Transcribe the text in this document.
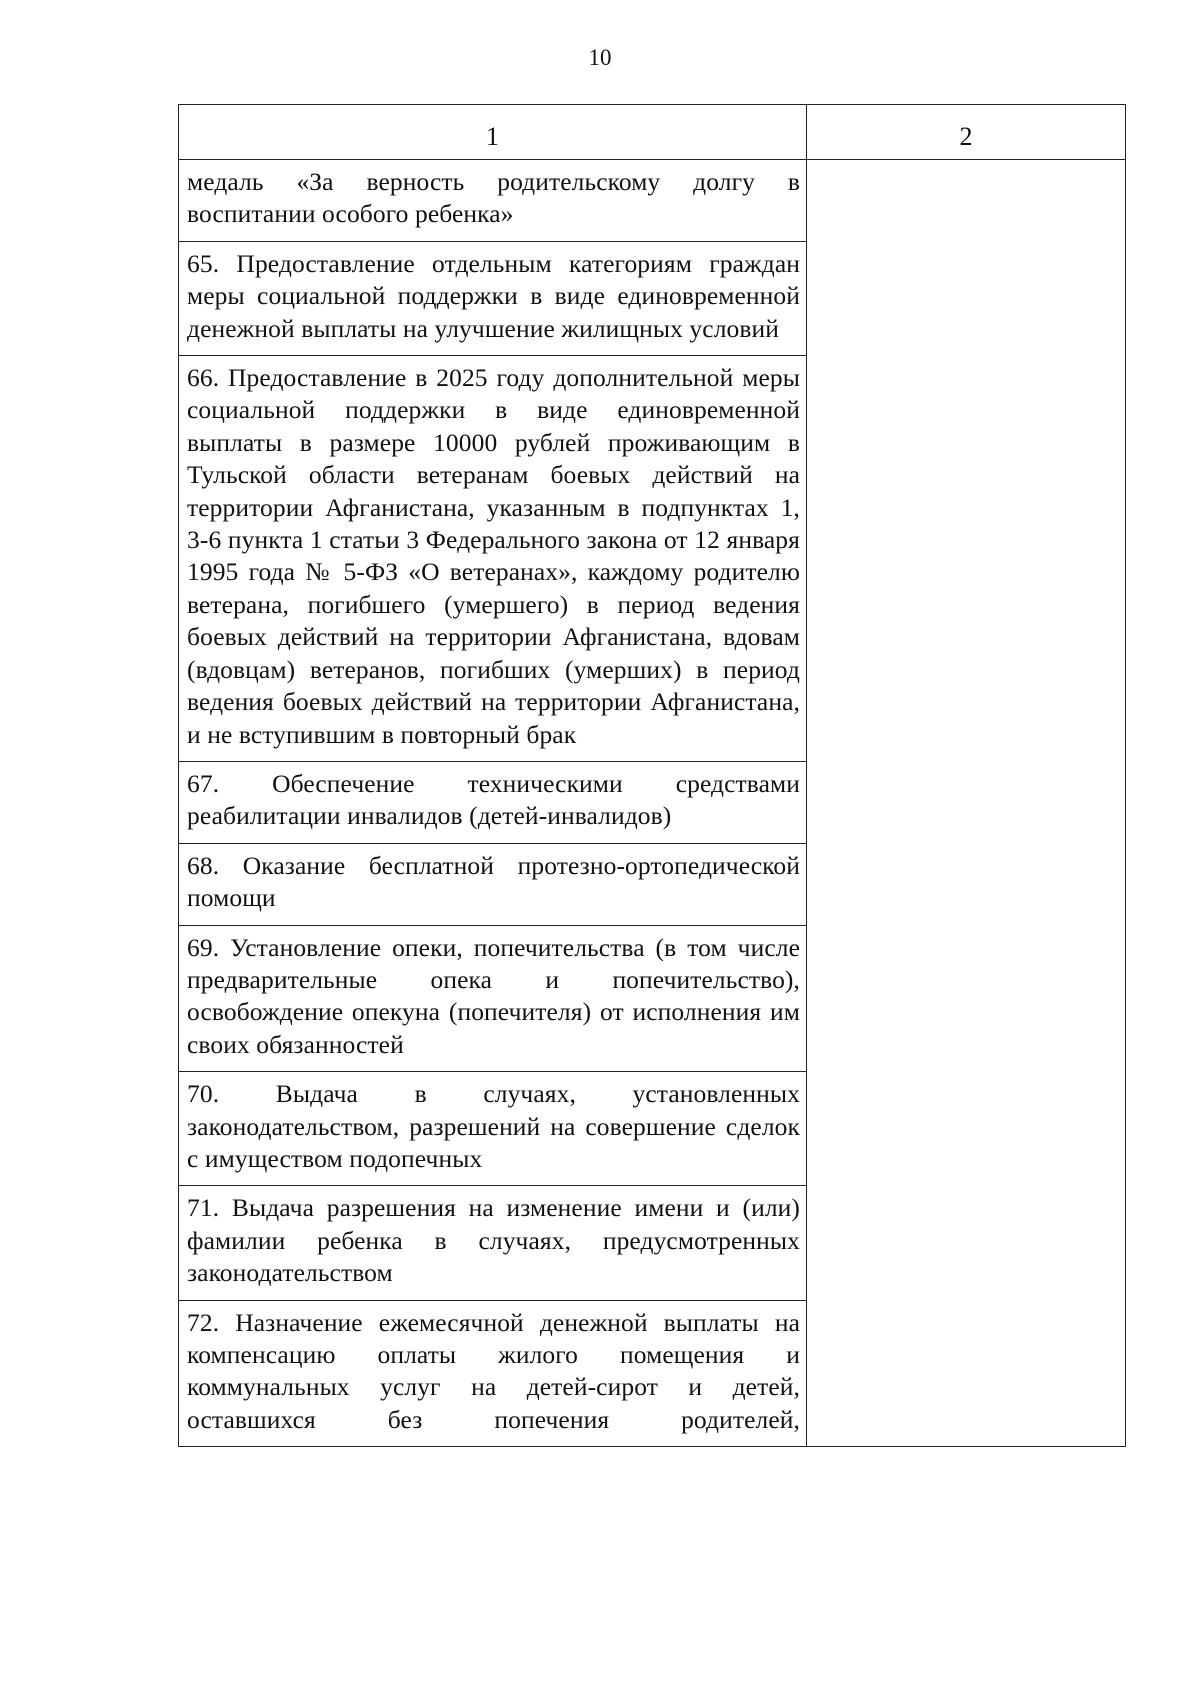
10
1	2
медаль «За верность родительскому долгу в воспитании особого ребенка»	
65. Предоставление отдельным категориям граждан меры социальной поддержки в виде единовременной денежной выплаты на улучшение жилищных условий	
66. Предоставление в 2025 году дополнительной меры социальной поддержки в виде единовременной выплаты в размере 10000 рублей проживающим в Тульской области ветеранам боевых действий на территории Афганистана, указанным в подпунктах 1, 3-6 пункта 1 статьи 3 Федерального закона от 12 января 1995 года № 5-ФЗ «О ветеранах», каждому родителю ветерана, погибшего (умершего) в период ведения боевых действий на территории Афганистана, вдовам (вдовцам) ветеранов, погибших (умерших) в период ведения боевых действий на территории Афганистана, и не вступившим в повторный брак	
67. Обеспечение техническими средствами реабилитации инвалидов (детей-инвалидов)	
68. Оказание бесплатной протезно-ортопедической помощи	
69. Установление опеки, попечительства (в том числе предварительные опека и попечительство), освобождение опекуна (попечителя) от исполнения им своих обязанностей	
70. Выдача в случаях, установленных законодательством, разрешений на совершение сделок с имуществом подопечных	
71. Выдача разрешения на изменение имени и (или) фамилии ребенка в случаях, предусмотренных законодательством	
72. Назначение ежемесячной денежной выплаты на компенсацию оплаты жилого помещения и коммунальных услуг на детей-сирот и детей, оставшихся без попечения родителей,	
